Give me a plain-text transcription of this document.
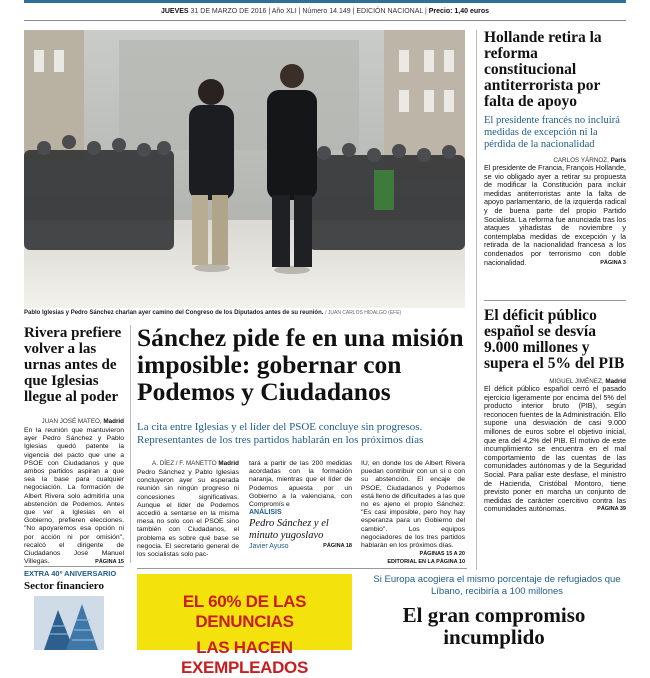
JUEVES 31 DE MARZO DE 2016 | Año XLI | Número 14.149 | EDICIÓN NACIONAL | Precio: 1,40 euros
Pablo Iglesias y Pedro Sánchez charlan ayer camino del Congreso de los Diputados antes de su reunión. / JUAN CARLOS HIDALGO (EFE)
Hollande retira la reforma constitucional antiterrorista por falta de apoyo
El presidente francés no incluirá medidas de excepción ni la pérdida de la nacionalidad
CARLOS YÁRNOZ, París
El presidente de Francia, François Hollande, se vio obligado ayer a retirar su propuesta de modificar la Constitución para incluir medidas antiterroristas ante la falta de apoyo parlamentario, de la izquierda radical y de buena parte del propio Partido Socialista. La reforma fue anunciada tras los ataques yihadistas de noviembre y contemplaba medidas de excepción y la retirada de la nacionalidad francesa a los condenados por terrorismo con doble nacionalidad.	PÁGINA 3
El déficit público español se desvía 9.000 millones y supera el 5% del PIB
MIGUEL JIMÉNEZ, Madrid
El déficit público español cerró el pasado ejercicio ligeramente por encima del 5% del producto interior bruto (PIB), según reconocen fuentes de la Administración. Ello supone una desviación de casi 9.000 millones de euros sobre el objetivo inicial, que era del 4,2% del PIB. El motivo de este incumplimiento se encuentra en el mal comportamiento de las cuentas de las comunidades autónomas y de la Seguridad Social. Para paliar este desfase, el ministro de Hacienda, Cristóbal Montoro, tiene previsto poner en marcha un conjunto de medidas de carácter coercitivo contra las comunidades autónomas.	PÁGINA 39
Sánchez pide fe en una misión imposible: gobernar con Podemos y Ciudadanos
La cita entre Iglesias y el líder del PSOE concluye sin progresos. Representantes de los tres partidos hablarán en los próximos días
A. DÍEZ / F. MANETTO Madrid
Pedro Sánchez y Pablo Iglesias concluyeron ayer su esperada reunión sin ningún progreso ni concesiones significativas. Aunque el líder de Podemos accedió a sentarse en la misma mesa no solo con el PSOE sino también con Ciudadanos, el problema es sobre qué base se negocia. El secretario general de los socialistas solo pac-
tará a partir de las 200 medidas acordadas con la formación naranja, mientras que el líder de Podemos apuesta por un Gobierno a la valenciana, con Compromís e
ANÁLISIS
Pedro Sánchez y el minuto yugoslavo
Javier Ayuso	PÁGINA 18
IU, en donde los de Albert Rivera puedan contribuir con un sí o con su abstención. El encaje de PSOE, Ciudadanos y Podemos está lleno de dificultades a las que no es ajeno el propio Sánchez: "Es casi imposible, pero hoy hay esperanza para un Gobierno del cambio". Los equipos negociadores de los tres partidos hablarán en los próximos días.
PÁGINAS 15 A 20
EDITORIAL EN LA PÁGINA 10
Rivera prefiere volver a las urnas antes de que Iglesias llegue al poder
JUAN JOSÉ MATEO, Madrid
En la reunión que mantuvieron ayer Pedro Sánchez y Pablo Iglesias quedó patente la vigencia del pacto que une a PSOE con Ciudadanos y que ambos partidos aspiran a que sea la base para cualquier negociación. La formación de Albert Rivera solo admitiría una abstención de Podemos. Antes que ver a Iglesias en el Gobierno, prefieren elecciones. "No apoyaremos esa opción ni por acción ni por omisión", recalcó el dirigente de Ciudadanos José Manuel Villegas.	PÁGINA 15
EXTRA 40º ANIVERSARIO
Sector financiero
EL 60% DE LAS DENUNCIAS
LAS HACEN EXEMPLEADOS
Si Europa acogiera el mismo porcentaje de refugiados que Líbano, recibiría a 100 millones
El gran compromiso incumplido
